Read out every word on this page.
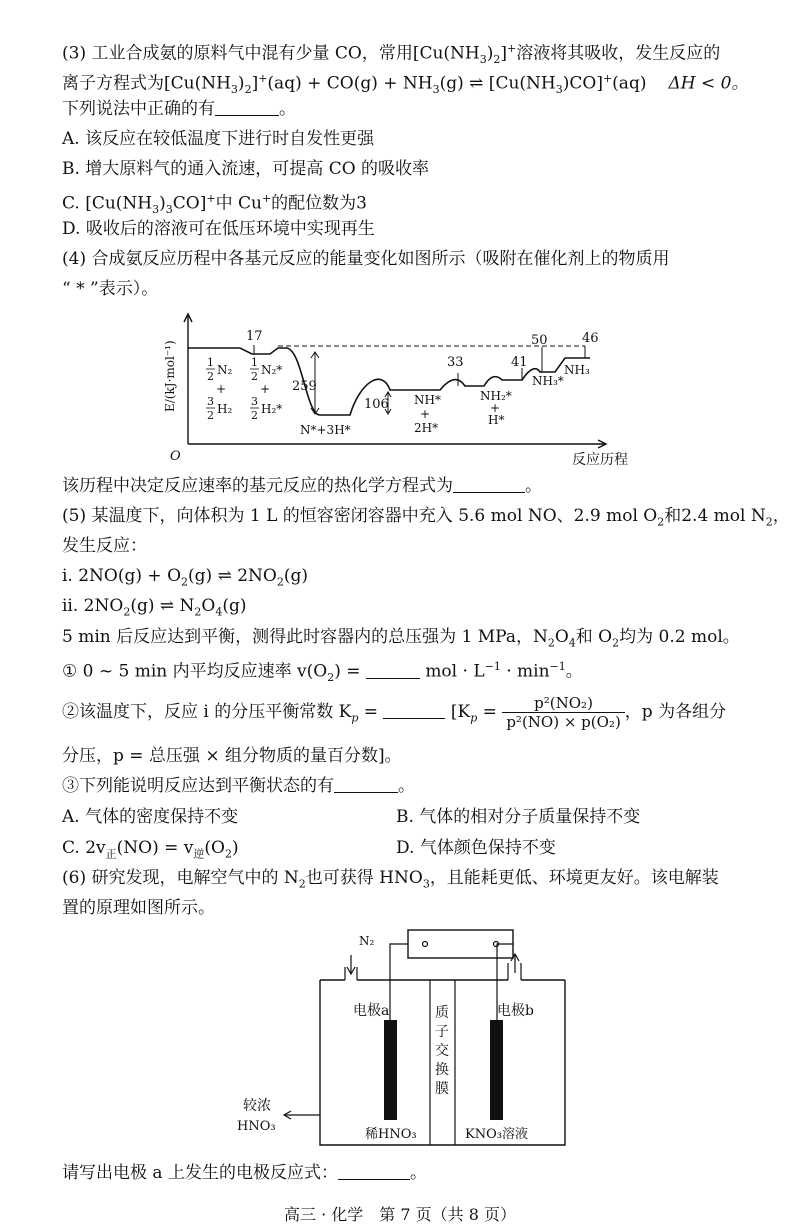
(3) 工业合成氨的原料气中混有少量 CO，常用$[Cu(NH_3)_2]^+$溶液将其吸收，发生反应的
离子方程式为$[Cu(NH_3)_2]^+(aq) + CO(g) + NH_3(g)$ ⇌ $[Cu(NH_3)CO]^+(aq) \Delta H < 0$。
下列说法中正确的有	。
A. 该反应在较低温度下进行时自发性更强
B. 增大原料气的通入流速，可提高 CO 的吸收率
C. $[Cu(NH_3)_3CO]^+$中 Cu+的配位数为3
D. 吸收后的溶液可在低压环境中实现再生
(4) 合成氨反应历程中各基元反应的能量变化如图所示（吸附在催化剂上的物质用
“ * ”表示）。
E/(kJ·mol⁻¹)
O	反应历程
17
259
106
33	41
50	46
1
2 N₂
+
3
2 H₂
1
2 N₂*
+
3
2 H₂*
N*+3H*
NH*
+
2H*
NH₂*
+
H*
NH₃*
NH₃
该历程中决定反应速率的基元反应的热化学方程式为	。
(5) 某温度下，向体积为 1 L 的恒容密闭容器中充入 5.6 mol NO、2.9 mol $O_2$和2.4 mol $N_2$，
发生反应：
i. $2NO(g) + O_2(g)$ ⇌ $2NO_2(g)$
ii. $2NO_2(g)$ ⇌ $N_2O_4(g)$
5 min 后反应达到平衡，测得此时容器内的总压强为 1 MPa，$N_2O_4$和 $O_2$均为 0.2 mol。
① 0 ~ 5 min 内平均反应速率 $v(O_2)$ =	mol · $L^{-1} \cdot \min^{-1}$。
②该温度下，反应 i 的分压平衡常数 $K_p$ =	[$K_p = \frac{\text{p²(NO₂)}}{\text{p²(NO) × p(O₂)}}$ ，p 为各组分
分压，p = 总压强 × 组分物质的量百分数]。
③下列能说明反应达到平衡状态的有	。
A. 气体的密度保持不变	B. 气体的相对分子质量保持不变
C. $2v_正(NO) = v_逆(O_2)$	D. 气体颜色保持不变
(6) 研究发现，电解空气中的 $N_2$也可获得 $HNO_3$，且能耗更低、环境更友好。该电解装
置的原理如图所示。
N₂
质
子
交
换
膜
电极a	电极b
较浓
HNO₃
稀HNO₃	KNO₃溶液
请写出电极 a 上发生的电极反应式：	。
高三 · 化学　第 7 页（共 8 页）
